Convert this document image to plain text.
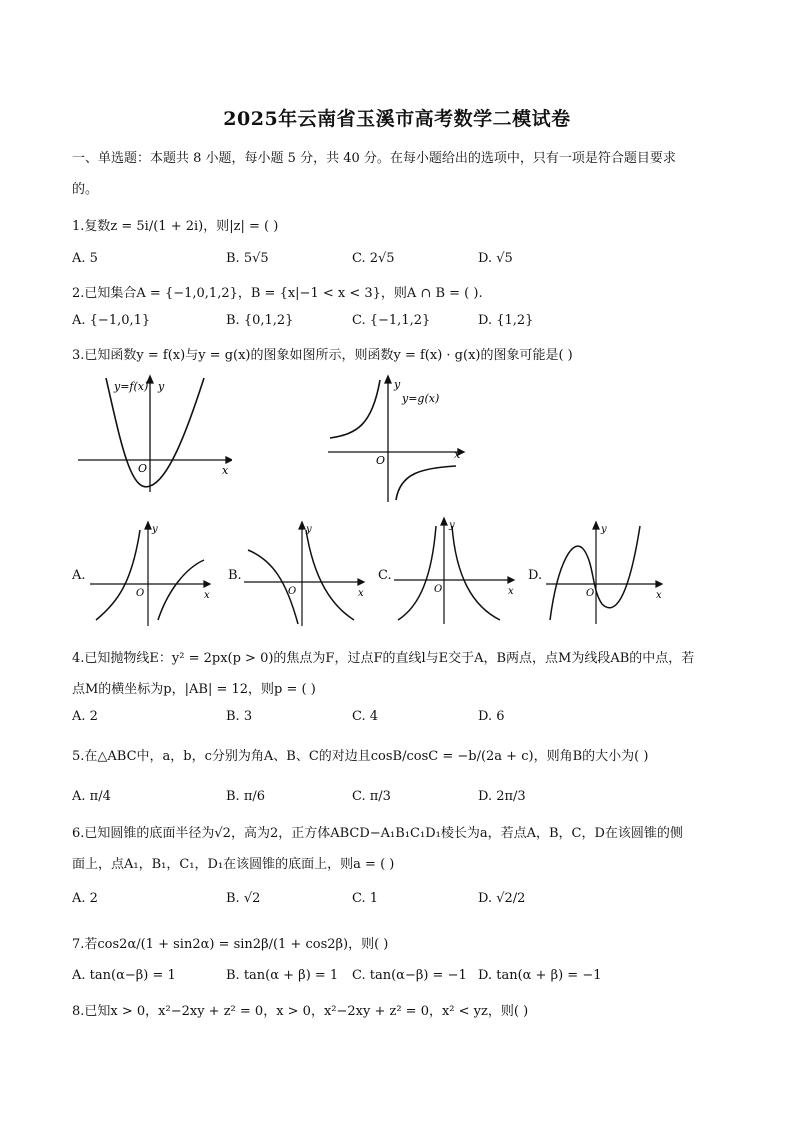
2025年云南省玉溪市高考数学二模试卷
一、单选题：本题共 8 小题，每小题 5 分，共 40 分。在每小题给出的选项中，只有一项是符合题目要求
的。
1.复数z = 5i/(1 + 2i)，则|z| = ( )
A. 5	B. 5√5	C. 2√5	D. √5
2.已知集合A = {−1,0,1,2}，B = {x|−1 < x < 3}，则A ∩ B = ( ).
A. {−1,0,1}	B. {0,1,2}	C. {−1,1,2}	D. {1,2}
3.已知函数y = f(x)与y = g(x)的图象如图所示，则函数y = f(x) · g(x)的图象可能是( )
y=f(x) y
O	x
y=g(x)
y
O	x
A.
y
O	x
B.
y
O	x
C.
y
O	x
D.
y
O	x
4.已知抛物线E：y² = 2px(p > 0)的焦点为F，过点F的直线l与E交于A，B两点，点M为线段AB的中点，若
点M的横坐标为p，|AB| = 12，则p = ( )
A. 2	B. 3	C. 4	D. 6
5.在△ABC中，a，b，c分别为角A、B、C的对边且cosB/cosC = −b/(2a + c)，则角B的大小为( )
A. π/4	B. π/6	C. π/3	D. 2π/3
6.已知圆锥的底面半径为√2，高为2，正方体ABCD−A₁B₁C₁D₁棱长为a，若点A，B，C，D在该圆锥的侧
面上，点A₁，B₁，C₁，D₁在该圆锥的底面上，则a = ( )
A. 2	B. √2	C. 1	D. √2/2
7.若cos2α/(1 + sin2α) = sin2β/(1 + cos2β)，则( )
A. tan(α−β) = 1	B. tan(α + β) = 1 C. tan(α−β) = −1 D. tan(α + β) = −1
8.已知x > 0，x²−2xy + z² = 0，x > 0，x²−2xy + z² = 0，x² < yz，则( )
